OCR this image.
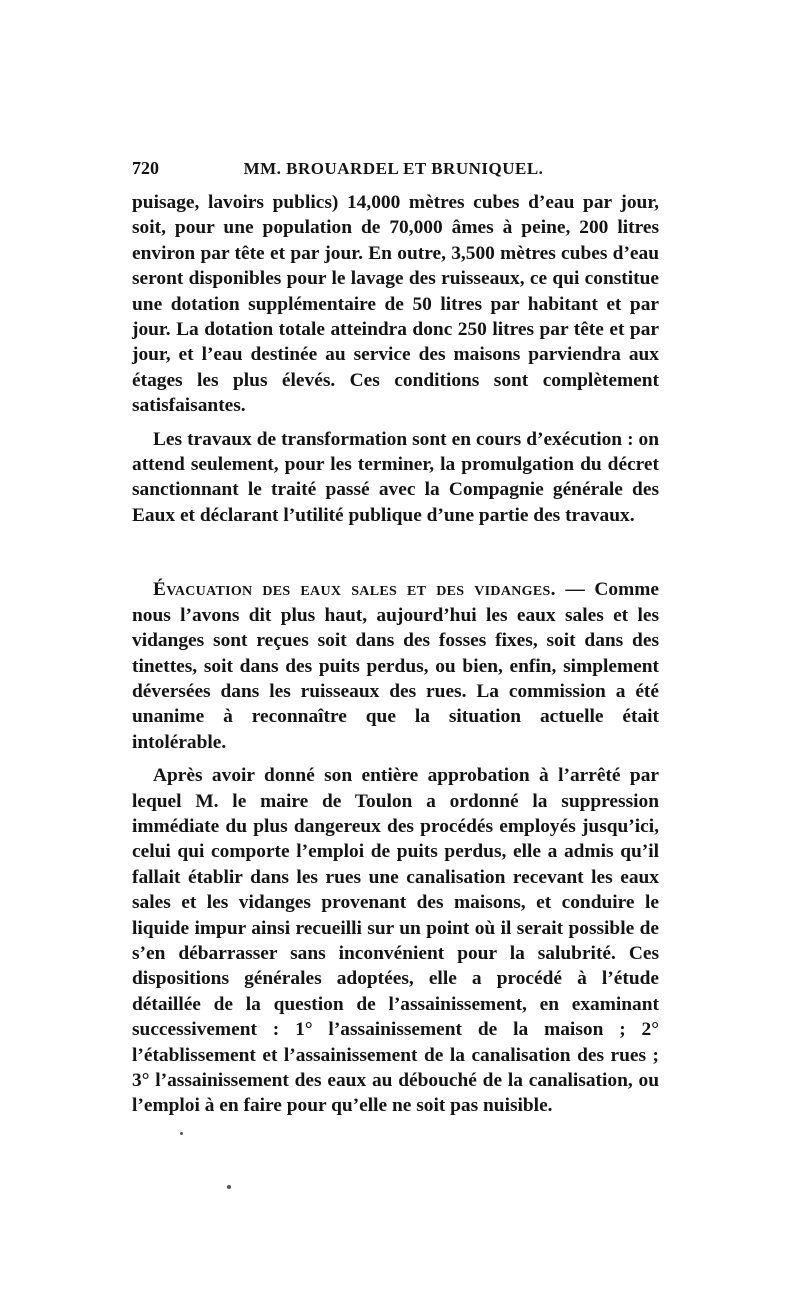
720	MM. BROUARDEL ET BRUNIQUEL.

puisage, lavoirs publics) 14,000 mètres cubes d’eau par jour, soit, pour une population de 70,000 âmes à peine, 200 litres environ par tête et par jour. En outre, 3,500 mètres cubes d’eau seront disponibles pour le lavage des ruisseaux, ce qui constitue une dotation supplémentaire de 50 litres par habitant et par jour. La dotation totale atteindra donc 250 litres par tête et par jour, et l’eau destinée au service des maisons parviendra aux étages les plus élevés. Ces conditions sont complètement satisfaisantes.

Les travaux de transformation sont en cours d’exécution : on attend seulement, pour les terminer, la promulgation du décret sanctionnant le traité passé avec la Compagnie générale des Eaux et déclarant l’utilité publique d’une partie des travaux.

Évacuation des eaux sales et des vidanges. — Comme nous l’avons dit plus haut, aujourd’hui les eaux sales et les vidanges sont reçues soit dans des fosses fixes, soit dans des tinettes, soit dans des puits perdus, ou bien, enfin, simplement déversées dans les ruisseaux des rues. La commission a été unanime à reconnaître que la situation actuelle était intolérable.

Après avoir donné son entière approbation à l’arrêté par lequel M. le maire de Toulon a ordonné la suppression immédiate du plus dangereux des procédés employés jusqu’ici, celui qui comporte l’emploi de puits perdus, elle a admis qu’il fallait établir dans les rues une canalisation recevant les eaux sales et les vidanges provenant des maisons, et conduire le liquide impur ainsi recueilli sur un point où il serait possible de s’en débarrasser sans inconvénient pour la salubrité. Ces dispositions générales adoptées, elle a procédé à l’étude détaillée de la question de l’assainissement, en examinant successivement : 1° l’assainissement de la maison ; 2° l’établissement et l’assainissement de la canalisation des rues ; 3° l’assainissement des eaux au débouché de la canalisation, ou l’emploi à en faire pour qu’elle ne soit pas nuisible.
